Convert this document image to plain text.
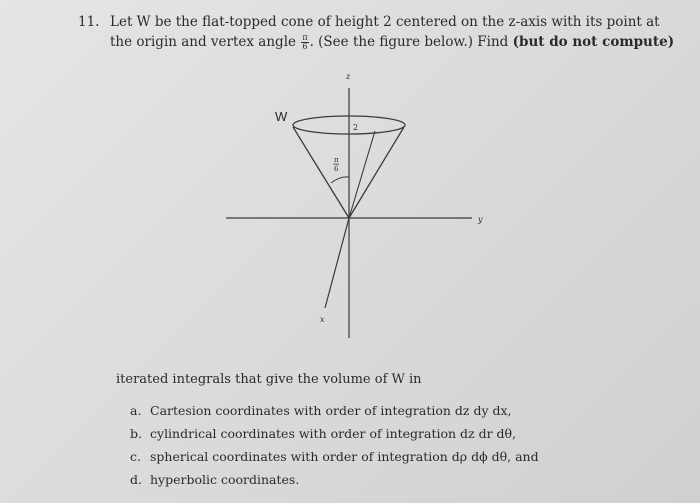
11. Let W be the flat-topped cone of height 2 centered on the z-axis with its point at
the origin and vertex angle $\frac{\pi}{6}$ . (See the figure below.) Find (but do not compute)
W
z
y
x
2
π
6
iterated integrals that give the volume of W in
a. Cartesion coordinates with order of integration dz dy dx,
b. cylindrical coordinates with order of integration dz dr dθ,
c. spherical coordinates with order of integration dρ dϕ dθ, and
d. hyperbolic coordinates.
